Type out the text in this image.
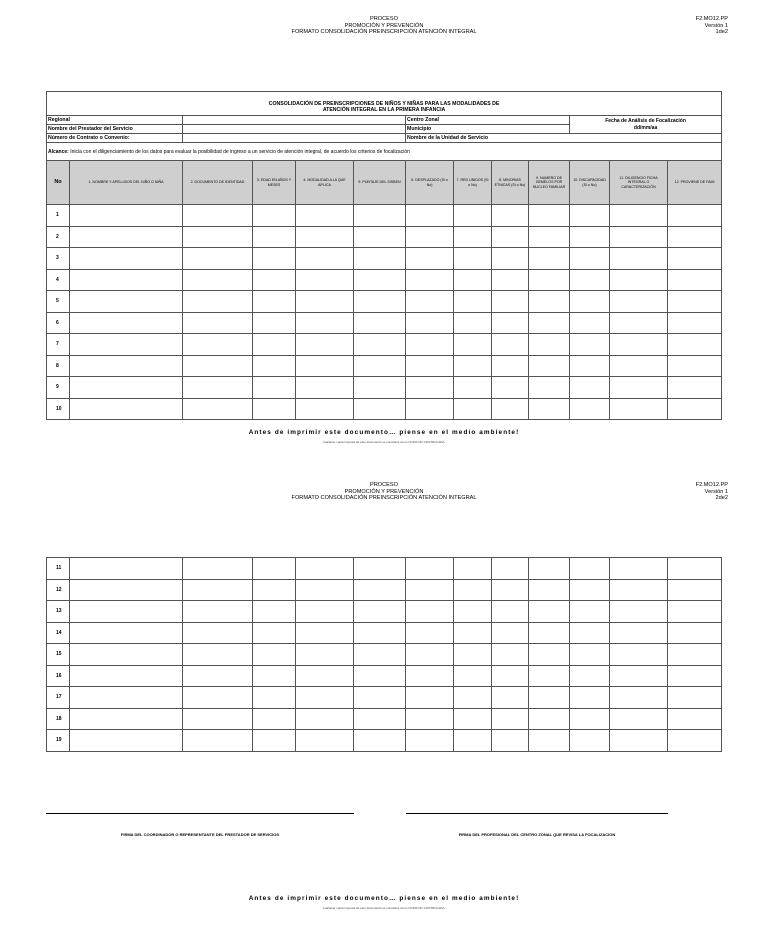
PROCESO
PROMOCIÓN Y PREVENCIÓN
FORMATO CONSOLIDACIÓN PREINSCRIPCIÓN ATENCIÓN INTEGRAL
F2.MO12.PP
Versión 1
1de2
CONSOLIDACIÓN DE PREINSCRIPCIONES DE NIÑOS Y NIÑAS PARA LAS MODALIDADES DE
ATENCIÓN INTEGRAL EN LA PRIMERA INFANCIA												

Regional						Centro Zonal				Fecha de Análisis de Focalización
dd/mm/aa		

Nombre del Prestador del Servicio						Municipio						
Número de Contrato o Convenio:						Nombre de la Unidad de Servicio						
Alcance: Inicia con el diligenciamiento de los datos para evaluar la posibilidad de ingreso a un servicio de atención integral, de acuerdo los criterios de focalización												
No	1. NOMBRE Y APELLIDOS DEL NIÑO O NIÑA	2. DOCUMENTO DE IDENTIDAD	3. EDAD EN AÑOS Y MESES	4. MODALIDAD A LA QUE APLICA	5. PUNTAJE DEL SISBEN	6. DESPLAZADO (Si o No)	7. RED UNIDOS (Si o No)	8. MINORIAS ETNICAS (Si o No)	9. NUMERO DE GEMELOS POR NUCLEO FAMILIAR	10. DISCAPACIDAD (Si o No)	11. DILIGENCIO FICHA INTEGRAL O CARACTERIZACIÓN	12. PROVIENE DE FAMI
1												
2												
3												
4												
5												
6												
7												
8												
9												
10												
Antes de imprimir este documento… piense en el medio ambiente!
Cualquier copia impresa de este documento se considera como COPIA NO CONTROLADA.
PROCESO
PROMOCIÓN Y PREVENCIÓN
FORMATO CONSOLIDACIÓN PREINSCRIPCIÓN ATENCIÓN INTEGRAL
F2.MO12.PP
Versión 1
2de2
11												
12												
13												
14												
15												
16												
17												
18												
19												
FIRMA DEL COORDINADOR O REPRESENTANTE DEL PRESTADOR DE SERVICIOS	FIRMA DEL PROFESIONAL DEL CENTRO ZONAL QUE REVISA LA FOCALIZACION
Antes de imprimir este documento… piense en el medio ambiente!
Cualquier copia impresa de este documento se considera como COPIA NO CONTROLADA.
